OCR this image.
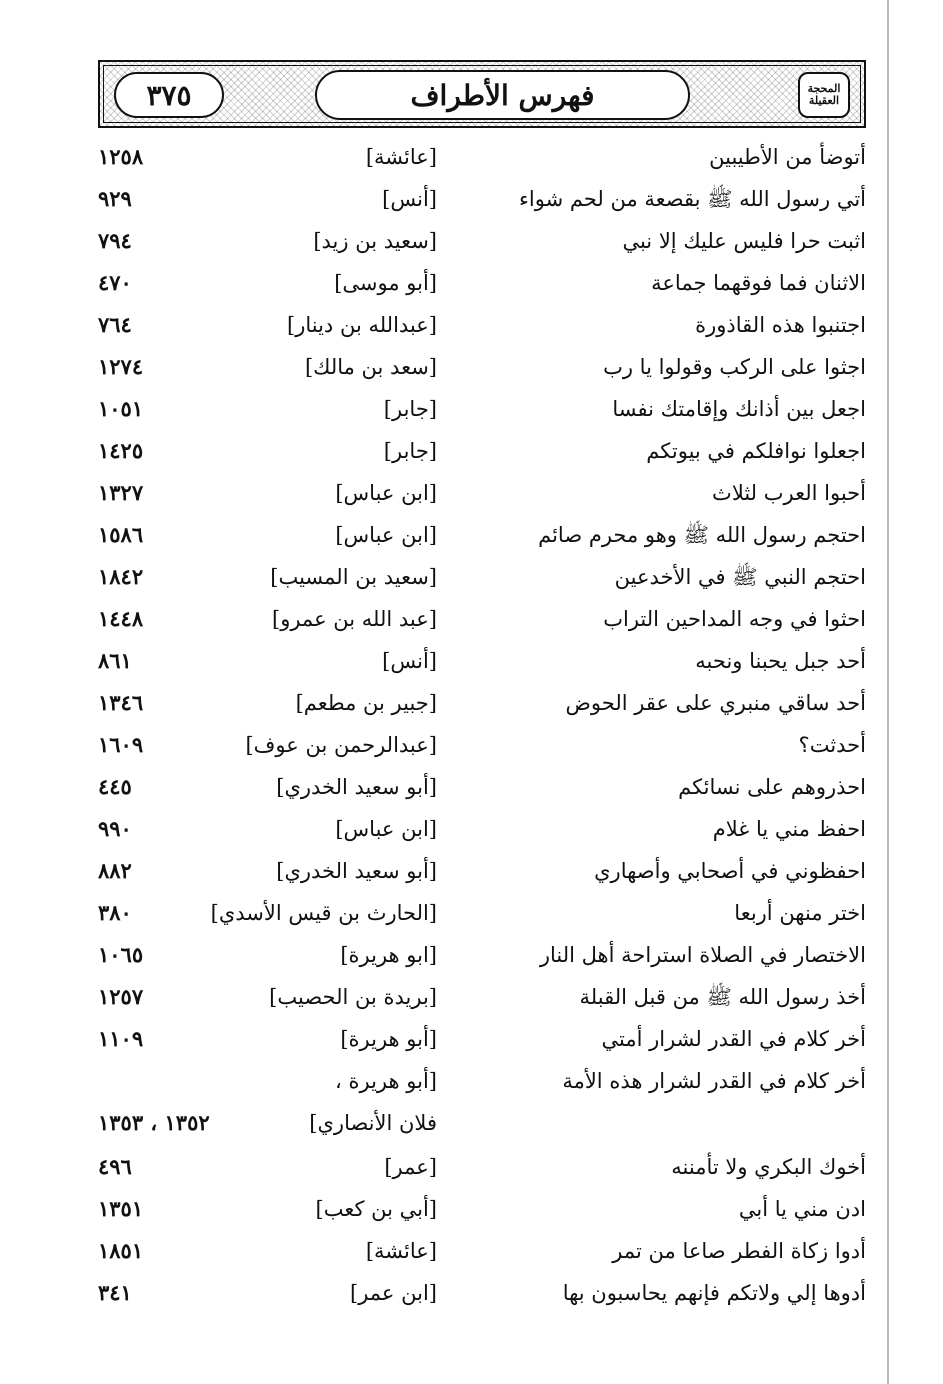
المحجة العقيلة
فهرس الأطراف
٣٧٥
أتوضأ من الأطيبين
[عائشة]
١٢٥٨
أتي رسول الله ﷺ بقصعة من لحم شواء
[أنس]
٩٢٩
اثبت حرا فليس عليك إلا نبي
[سعيد بن زيد]
٧٩٤
الاثنان فما فوقهما جماعة
[أبو موسى]
٤٧٠
اجتنبوا هذه القاذورة
[عبدالله بن دينار]
٧٦٤
اجثوا على الركب وقولوا يا رب
[سعد بن مالك]
١٢٧٤
اجعل بين أذانك وإقامتك نفسا
[جابر]
١٠٥١
اجعلوا نوافلكم في بيوتكم
[جابر]
١٤٢٥
أحبوا العرب لثلاث
[ابن عباس]
١٣٢٧
احتجم رسول الله ﷺ وهو محرم صائم
[ابن عباس]
١٥٨٦
احتجم النبي ﷺ في الأخدعين
[سعيد بن المسيب]
١٨٤٢
احثوا في وجه المداحين التراب
[عبد الله بن عمرو]
١٤٤٨
أحد جبل يحبنا ونحبه
[أنس]
٨٦١
أحد ساقي منبري على عقر الحوض
[جبير بن مطعم]
١٣٤٦
أحدثت؟
[عبدالرحمن بن عوف]
١٦٠٩
احذروهم على نسائكم
[أبو سعيد الخدري]
٤٤٥
احفظ مني يا غلام
[ابن عباس]
٩٩٠
احفظوني في أصحابي وأصهاري
[أبو سعيد الخدري]
٨٨٢
اختر منهن أربعا
[الحارث بن قيس الأسدي]
٣٨٠
الاختصار في الصلاة استراحة أهل النار
[ابو هريرة]
١٠٦٥
أخذ رسول الله ﷺ من قبل القبلة
[بريدة بن الحصيب]
١٢٥٧
أخر كلام في القدر لشرار أمتي
[أبو هريرة]
١١٠٩
أخر كلام في القدر لشرار هذه الأمة
[أبو هريرة ،
فلان الأنصاري]
١٣٥٢ ، ١٣٥٣
أخوك البكري ولا تأمننه
[عمر]
٤٩٦
ادن مني يا أبي
[أبي بن كعب]
١٣٥١
أدوا زكاة الفطر صاعا من تمر
[عائشة]
١٨٥١
أدوها إلي ولاتكم فإنهم يحاسبون بها
[ابن عمر]
٣٤١
